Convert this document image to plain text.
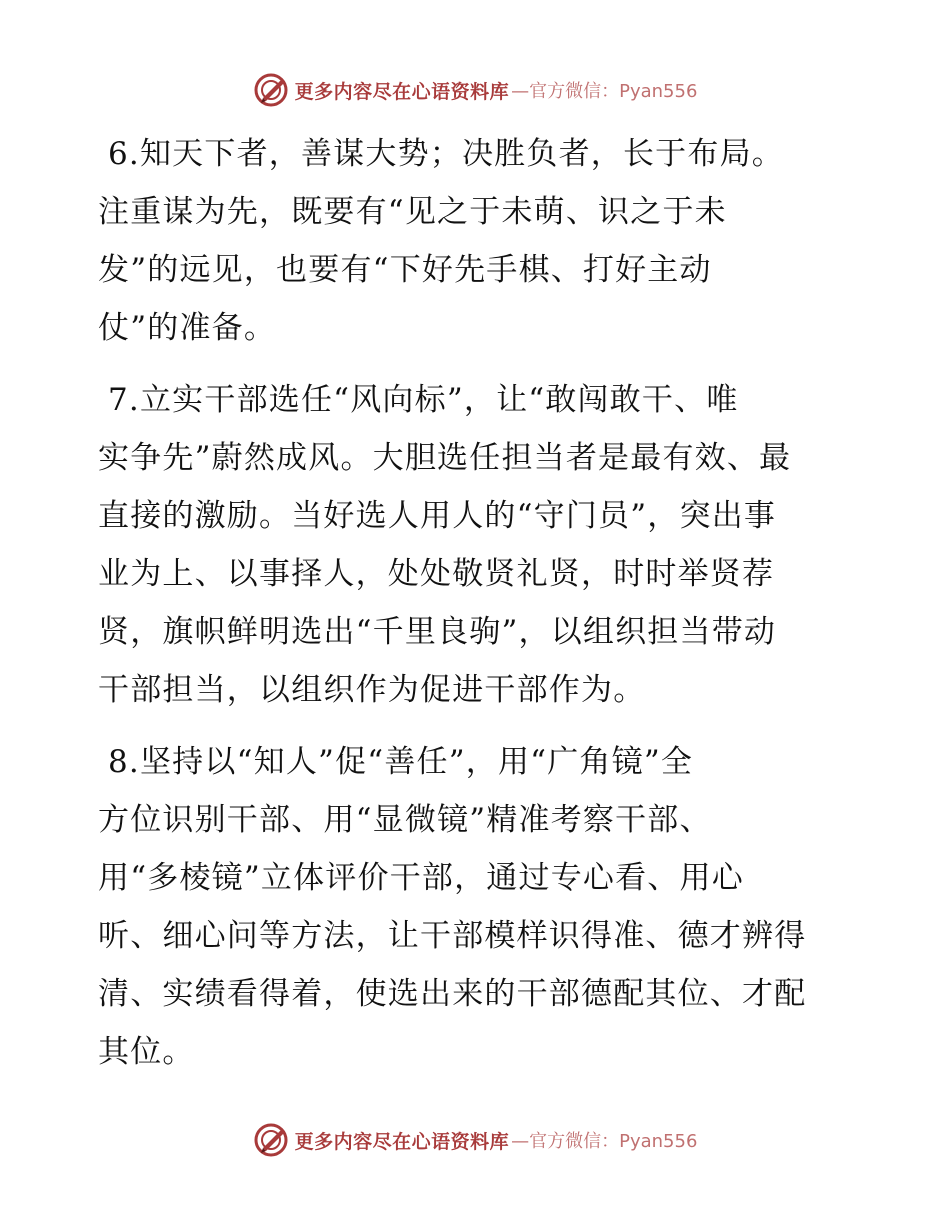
更多内容尽在心语资料库 —官方微信：Pyan556
6.知天下者，善谋大势；决胜负者，长于布局。
注重谋为先，既要有“见之于未萌、识之于未
发”的远见，也要有“下好先手棋、打好主动
仗”的准备。
7.立实干部选任“风向标”，让“敢闯敢干、唯
实争先”蔚然成风。大胆选任担当者是最有效、最
直接的激励。当好选人用人的“守门员”，突出事
业为上、以事择人，处处敬贤礼贤，时时举贤荐
贤，旗帜鲜明选出“千里良驹”，以组织担当带动
干部担当，以组织作为促进干部作为。
8.坚持以“知人”促“善任”，用“广角镜”全
方位识别干部、用“显微镜”精准考察干部、
用“多棱镜”立体评价干部，通过专心看、用心
听、细心问等方法，让干部模样识得准、德才辨得
清、实绩看得着，使选出来的干部德配其位、才配
其位。
更多内容尽在心语资料库 —官方微信：Pyan556
